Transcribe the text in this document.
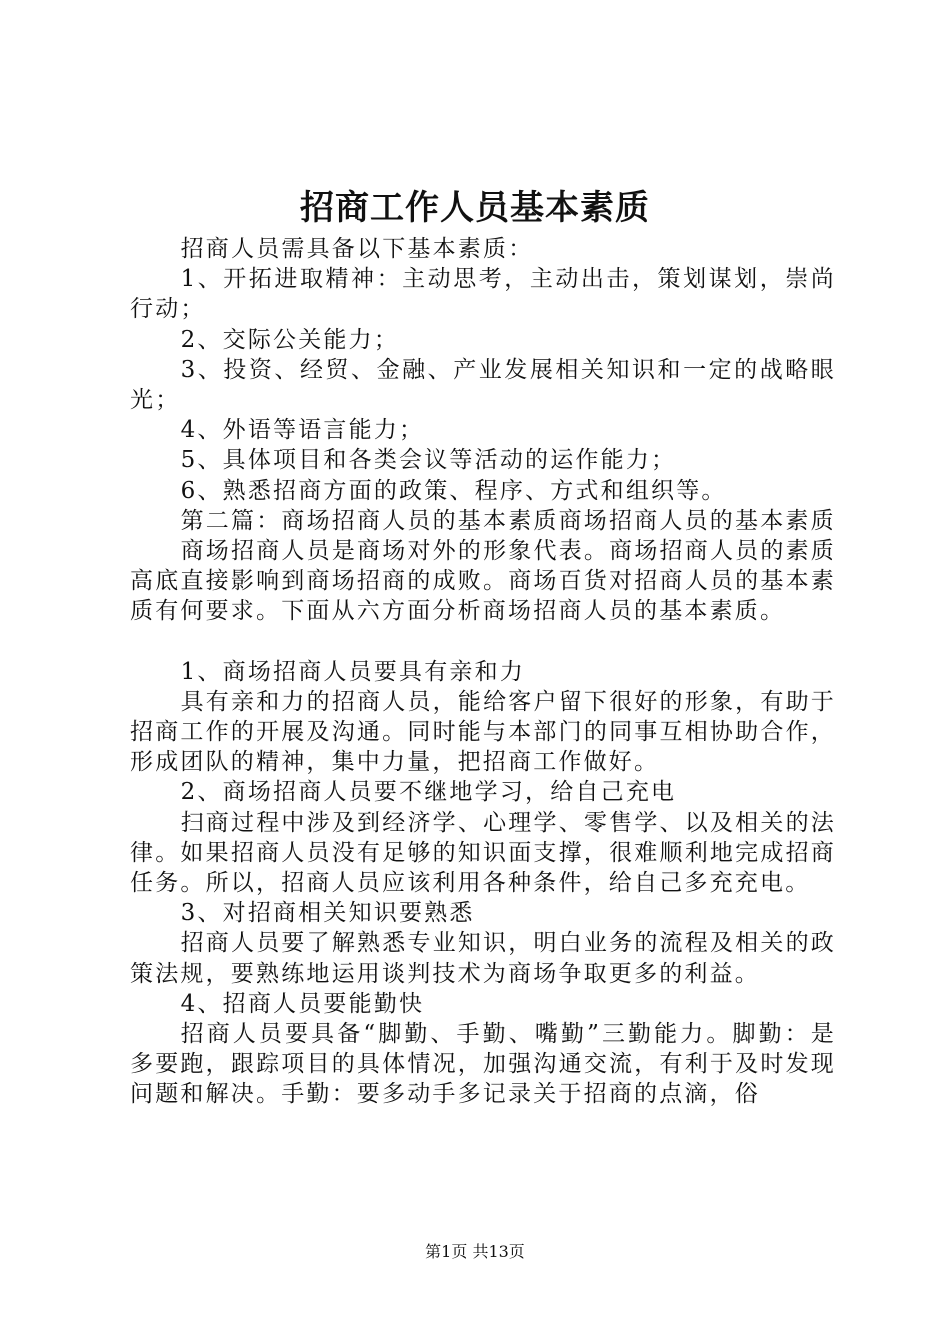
招商工作人员基本素质

招商人员需具备以下基本素质：

1、开拓进取精神：主动思考，主动出击，策划谋划，崇尚行动；

2、交际公关能力；

3、投资、经贸、金融、产业发展相关知识和一定的战略眼光；

4、外语等语言能力；

5、具体项目和各类会议等活动的运作能力；

6、熟悉招商方面的政策、程序、方式和组织等。

第二篇：商场招商人员的基本素质商场招商人员的基本素质

商场招商人员是商场对外的形象代表。商场招商人员的素质高底直接影响到商场招商的成败。商场百货对招商人员的基本素质有何要求。下面从六方面分析商场招商人员的基本素质。

1、商场招商人员要具有亲和力

具有亲和力的招商人员，能给客户留下很好的形象，有助于招商工作的开展及沟通。同时能与本部门的同事互相协助合作，形成团队的精神，集中力量，把招商工作做好。

2、商场招商人员要不继地学习，给自己充电

扫商过程中涉及到经济学、心理学、零售学、以及相关的法律。如果招商人员没有足够的知识面支撑，很难顺利地完成招商任务。所以，招商人员应该利用各种条件，给自己多充充电。

3、对招商相关知识要熟悉

招商人员要了解熟悉专业知识，明白业务的流程及相关的政策法规，要熟练地运用谈判技术为商场争取更多的利益。

4、招商人员要能勤快

招商人员要具备“脚勤、手勤、嘴勤”三勤能力。脚勤：是多要跑，跟踪项目的具体情况，加强沟通交流，有利于及时发现问题和解决。手勤：要多动手多记录关于招商的点滴，俗

第1页 共13页
